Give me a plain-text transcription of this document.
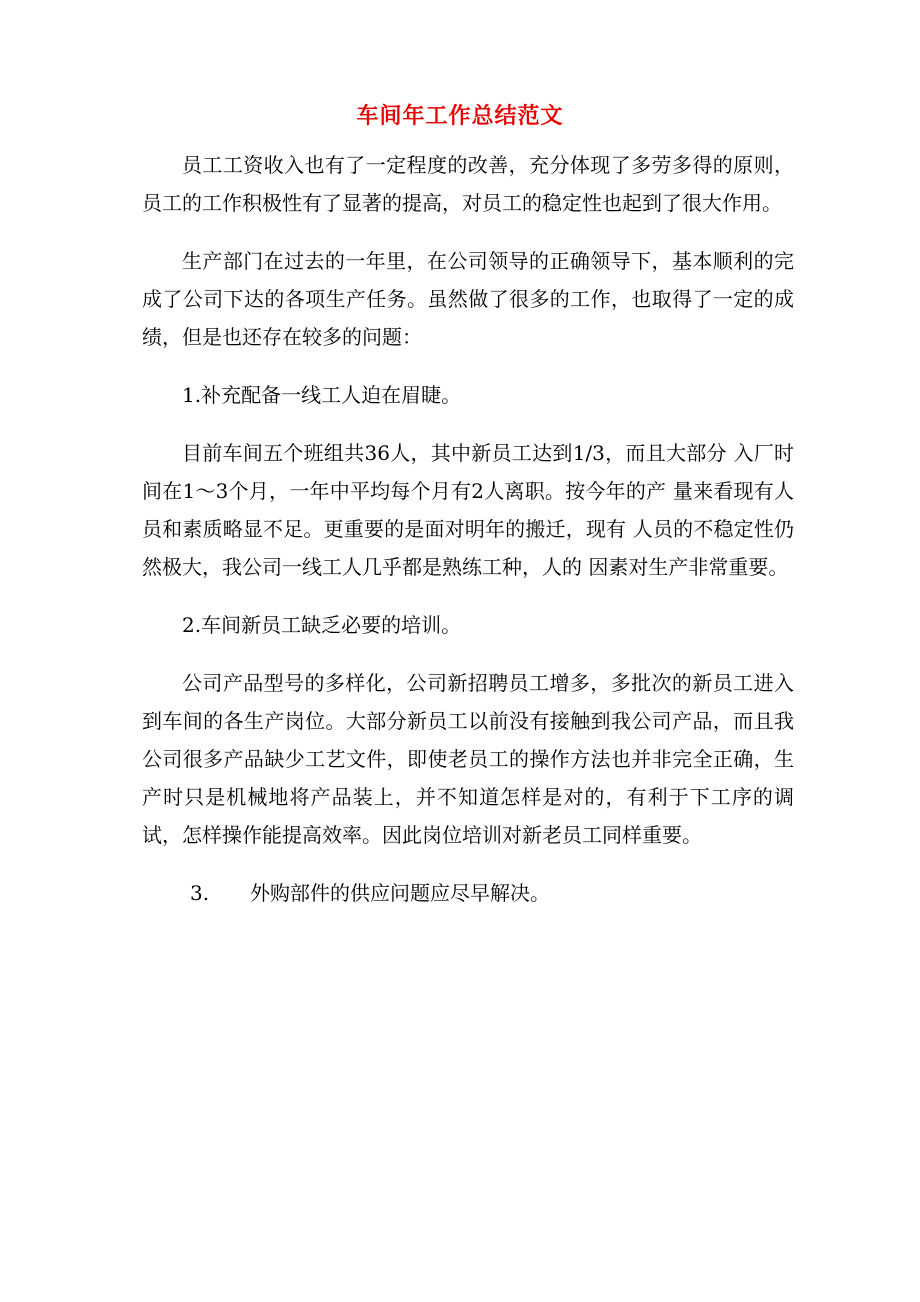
车间年工作总结范文

员工工资收入也有了一定程度的改善，充分体现了多劳多得的原则，员工的工作积极性有了显著的提高，对员工的稳定性也起到了很大作用。

生产部门在过去的一年里，在公司领导的正确领导下，基本顺利的完成了公司下达的各项生产任务。虽然做了很多的工作，也取得了一定的成绩，但是也还存在较多的问题：

1.补充配备一线工人迫在眉睫。

目前车间五个班组共36人，其中新员工达到1/3，而且大部分 入厂时间在1〜3个月，一年中平均每个月有2人离职。按今年的产 量来看现有人员和素质略显不足。更重要的是面对明年的搬迁，现有 人员的不稳定性仍然极大，我公司一线工人几乎都是熟练工种，人的 因素对生产非常重要。

2.车间新员工缺乏必要的培训。

公司产品型号的多样化，公司新招聘员工增多，多批次的新员工进入到车间的各生产岗位。大部分新员工以前没有接触到我公司产品，而且我公司很多产品缺少工艺文件，即使老员工的操作方法也并非完全正确，生产时只是机械地将产品装上，并不知道怎样是对的，有利于下工序的调试，怎样操作能提高效率。因此岗位培训对新老员工同样重要。

3. 外购部件的供应问题应尽早解决。
